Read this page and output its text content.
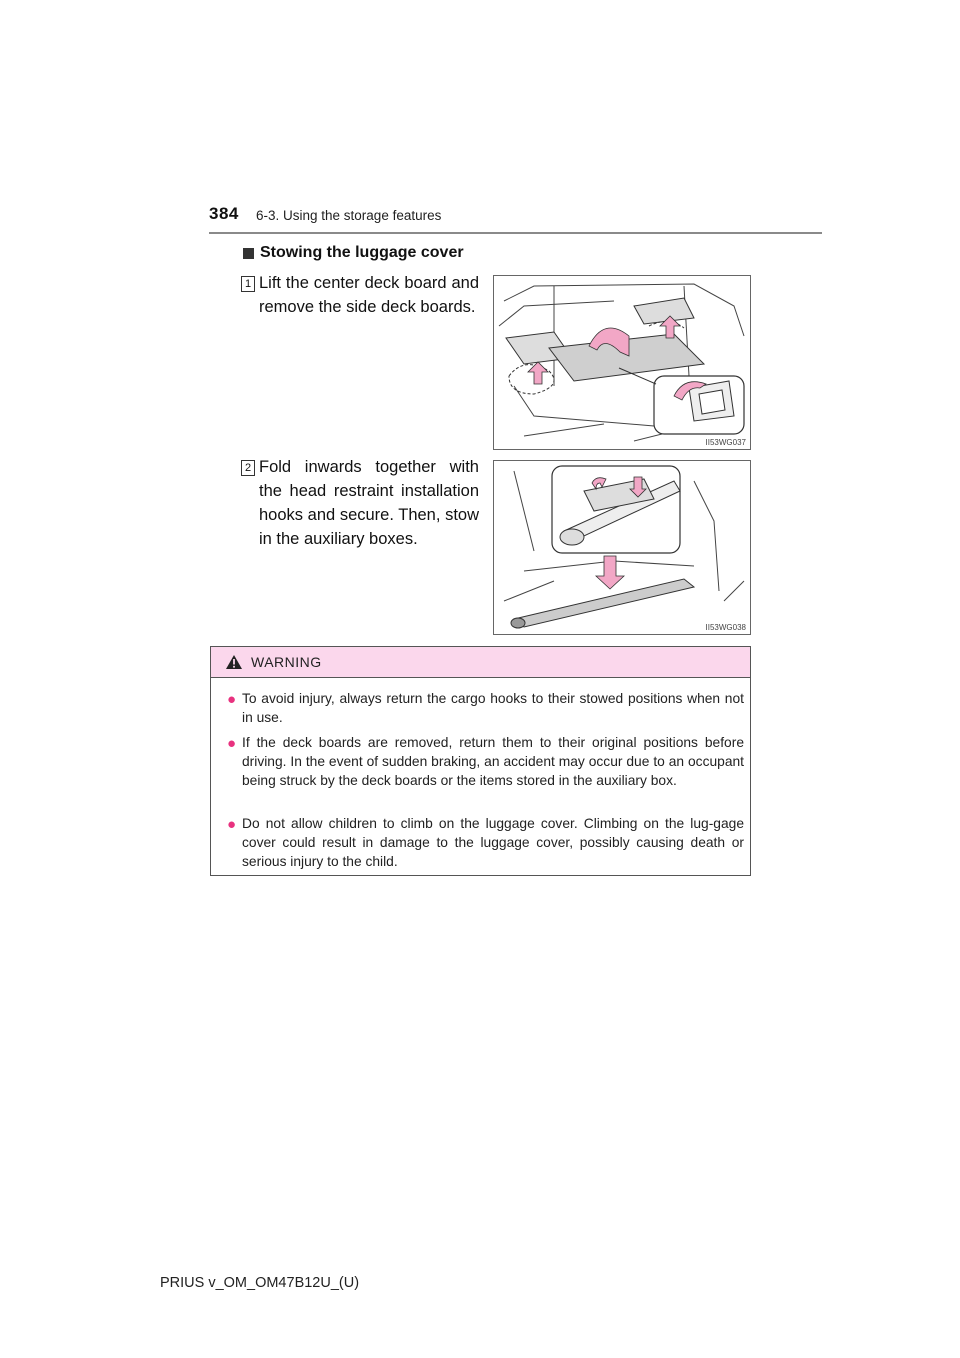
384 6-3. Using the storage features
Stowing the luggage cover
1 Lift the center deck board and remove the side deck boards.
II53WG037
2 Fold inwards together with the head restraint installation hooks and secure. Then, stow in the auxiliary boxes.
II53WG038
WARNING
● To avoid injury, always return the cargo hooks to their stowed positions when not in use.
● If the deck boards are removed, return them to their original positions before driving. In the event of sudden braking, an accident may occur due to an occupant being struck by the deck boards or the items stored in the auxiliary box.
● Do not allow children to climb on the luggage cover. Climbing on the lug-gage cover could result in damage to the luggage cover, possibly causing death or serious injury to the child.
PRIUS v_OM_OM47B12U_(U)
